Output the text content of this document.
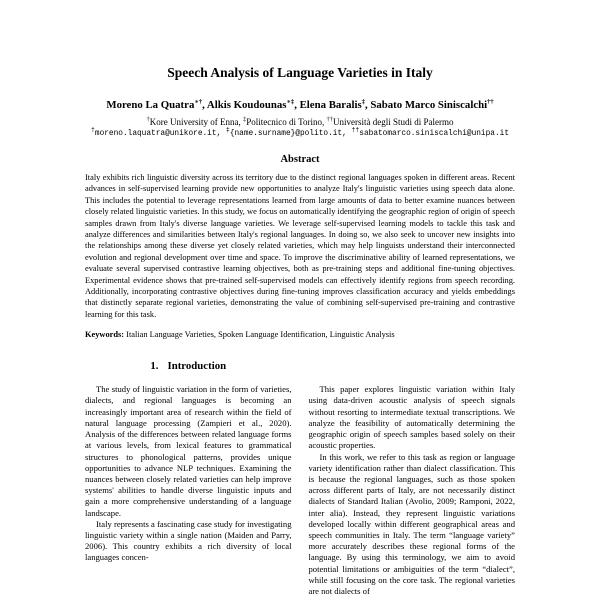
Speech Analysis of Language Varieties in Italy
Moreno La Quatra∗†, Alkis Koudounas∗‡, Elena Baralis‡, Sabato Marco Siniscalchi††
†Kore University of Enna, ‡Politecnico di Torino, ††Università degli Studi di Palermo
†moreno.laquatra@unikore.it, ‡{name.surname}@polito.it, ††sabatomarco.siniscalchi@unipa.it
Abstract

Italy exhibits rich linguistic diversity across its territory due to the distinct regional languages spoken in different areas. Recent advances in self-supervised learning provide new opportunities to analyze Italy's linguistic varieties using speech data alone. This includes the potential to leverage representations learned from large amounts of data to better examine nuances between closely related linguistic varieties. In this study, we focus on automatically identifying the geographic region of origin of speech samples drawn from Italy's diverse language varieties. We leverage self-supervised learning models to tackle this task and analyze differences and similarities between Italy's regional languages. In doing so, we also seek to uncover new insights into the relationships among these diverse yet closely related varieties, which may help linguists understand their interconnected evolution and regional development over time and space. To improve the discriminative ability of learned representations, we evaluate several supervised contrastive learning objectives, both as pre-training steps and additional fine-tuning objectives. Experimental evidence shows that pre-trained self-supervised models can effectively identify regions from speech recording. Additionally, incorporating contrastive objectives during fine-tuning improves classification accuracy and yields embeddings that distinctly separate regional varieties, demonstrating the value of combining self-supervised pre-training and contrastive learning for this task.

Keywords: Italian Language Varieties, Spoken Language Identification, Linguistic Analysis

1. Introduction

The study of linguistic variation in the form of varieties, dialects, and regional languages is becoming an increasingly important area of research within the field of natural language processing (Zampieri et al., 2020). Analysis of the differences between related language forms at various levels, from lexical features to grammatical structures to phonological patterns, provides unique opportunities to advance NLP techniques. Examining the nuances between closely related varieties can help improve systems' abilities to handle diverse linguistic inputs and gain a more comprehensive understanding of a language landscape.

Italy represents a fascinating case study for investigating linguistic variety within a single nation (Maiden and Parry, 2006). This country exhibits a rich diversity of local languages concen-

This paper explores linguistic variation within Italy using data-driven acoustic analysis of speech signals without resorting to intermediate textual transcriptions. We analyze the feasibility of automatically determining the geographic origin of speech samples based solely on their acoustic properties.

In this work, we refer to this task as region or language variety identification rather than dialect classification. This is because the regional languages, such as those spoken across different parts of Italy, are not necessarily distinct dialects of Standard Italian (Avolio, 2009; Ramponi, 2022, inter alia). Instead, they represent linguistic variations developed locally within different geographical areas and speech communities in Italy. The term “language variety” more accurately describes these regional forms of the language. By using this terminology, we aim to avoid potential limitations or ambiguities of the term “dialect”, while still focusing on the core task. The regional varieties are not dialects of
